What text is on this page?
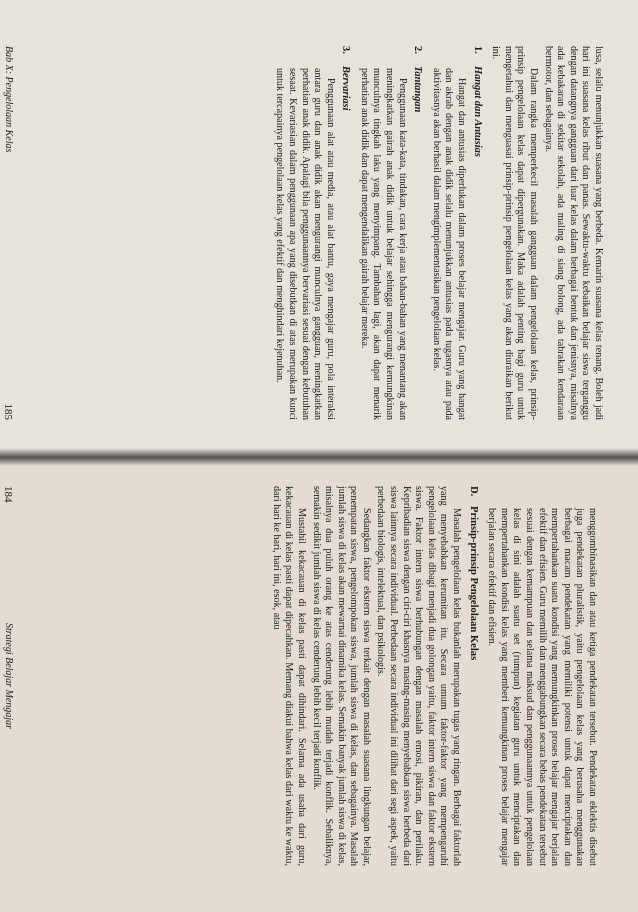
lusa, selalu menunjukkan suasana yang berbeda. Kemarin suasana kelas tenang. Boleh jadi hari ini suasana kelas ribut dan panas. Sewaktu-waktu kebaikan belajar siswa terganggu dengan datangnya gangguan dari luar kelas dalam berbagai bentuk dan jenisnya, misalnya ada kebakaran di sekitar sekolah, ada maling di siang bolong, ada tabrakan kendaraan bermotor, dan sebagainya.

Dalam rangka memperkecil masalah gangguan dalam pengelolaan kelas, prinsip-prinsip pengelolaan kelas dapat dipergunakan. Maka adalah penting bagi guru untuk mengetahui dan menguasai prinsip-prinsip pengelolaan kelas yang akan diuraikan berikut ini.

1.Hangat dan Antusias

Hangat dan antusias diperlukan dalam proses belajar mengajar. Guru yang hangat dan akrab dengan anak didik selalu menunjukkan antusias pada tugasnya atau pada aktivitasnya akan berhasil dalam mengimplementasikan pengelolaan kelas.

2.Tantangan

Penggunaan kata-kata, tindakan, cara kerja atau bahan-bahan yang menantang akan meningkatkan gairah anak didik untuk belajar sehingga mengurangi kemungkinan munculnya tingkah laku yang menyimpang. Tambahan lagi, akan dapat menarik perhatian anak didik dan dapat mengendalikan gairah belajar mereka.

3.Bervariasi

Penggunaan alat atau media, atau alat bantu, gaya mengajar guru, pola interaksi antara guru dan anak didik akan mengurangi munculnya gangguan, meningkatkan perhatian anak didik. Apalagi bila penggunaannya bervariasi sesuai dengan kebutuhan sesaat. Kevariasian dalam penggunaan apa yang disebutkan di atas merupakan kunci untuk tercapainya pengelolaan kelas yang efektif dan menghindari kejenuhan.

Bab X: Pengelolaan Kelas
185

menggombinasikan dan atau ketiga pendekatan tersebut. Pendekatan eklektis disebut juga pendekatan pluralistik, yaitu pengelolaan kelas yang berusaha menggunakan berbagai macam pendekatan yang memiliki potensi untuk dapat menciptakan dan mempertahankan suatu kondisi yang memungkinkan proses belajar mengajar berjalan efektif dan efisien. Guru memilih dan menggabungkan secara bebas pendekatan tersebut sesuai dengan kemampuan dan selama maksud dan penggunaannya untuk pengelolaan kelas di sini adalah suatu set (rumpun) kegiatan guru untuk menciptakan dan mempertahankan kondisi kelas yang memberi kemungkinan proses belajar mengajar berjalan secara efektif dan efisien.

D.Prinsip-prinsip Pengelolaan Kelas

Masalah pengelolaan kelas bukanlah merupakan tugas yang ringan. Berbagai faktorlah yang menyebabkan kerumitan itu. Secara umum faktor-faktor yang mempengaruhi pengelolaan kelas dibagi menjadi dua golongan yaitu, faktor intern siswa dan faktor ekstern siswa. Faktor intern siswa berhubungan dengan masalah emosi, pikiran, dan perilaku. Kepribadian siswa dengan ciri-ciri khasnya masing-masing menyebabkan siswa berbeda dari siswa lainnya secara individual. Perbedaan secara individual ini dilihat dari segi aspek, yaitu perbedaan biologis, intelektual, dan psikologis.

Sedangkan faktor ekstern siswa terkait dengan masalah suasana lingkungan belajar, penempatan siswa, pengelompokan siswa, jumlah siswa di kelas, dan sebagainya. Masalah jumlah siswa di kelas akan mewarnai dinamika kelas. Semakin banyak jumlah siswa di kelas, misalnya dua puluh orang ke atas cenderung lebih mudah terjadi konflik. Sebaliknya, semakin sedikit jumlah siswa di kelas cenderung lebih kecil terjadi konflik.

Mustahil kekacauan di kelas pasti dapat dihindari. Selama ada usaha dari guru, kekacauan di kelas pasti dapat dipecahkan. Memang diakui bahwa kelas dari waktu ke waktu, dari hari ke hari, hari ini, esok, atau

184
Strategi Belajar Mengajar
